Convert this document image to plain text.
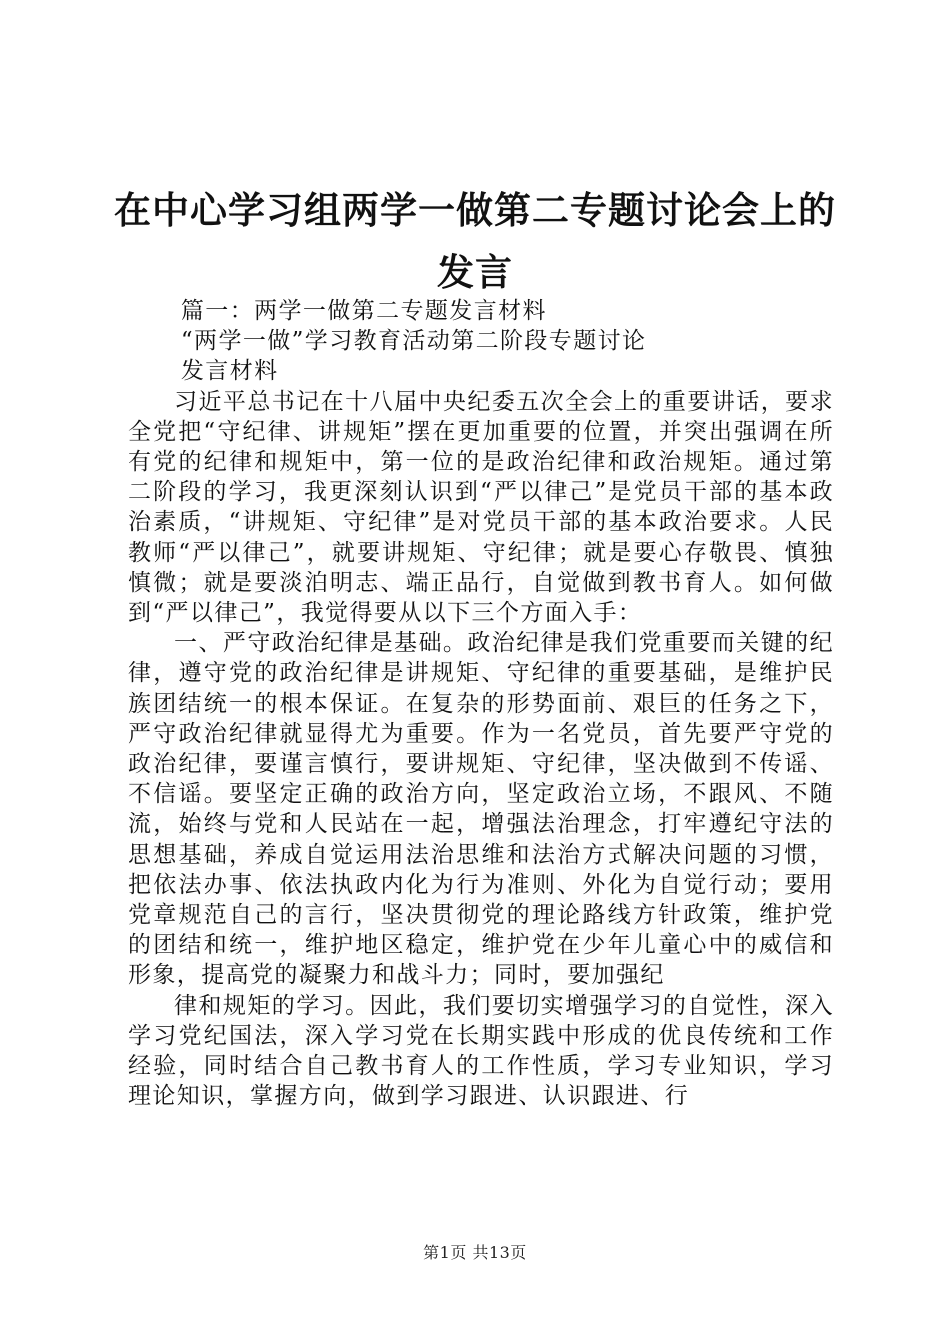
在中心学习组两学一做第二专题讨论会上的发言

篇一：两学一做第二专题发言材料

“两学一做”学习教育活动第二阶段专题讨论

发言材料

习近平总书记在十八届中央纪委五次全会上的重要讲话，要求全党把“守纪律、讲规矩”摆在更加重要的位置，并突出强调在所有党的纪律和规矩中，第一位的是政治纪律和政治规矩。通过第二阶段的学习，我更深刻认识到“严以律己”是党员干部的基本政治素质，“讲规矩、守纪律”是对党员干部的基本政治要求。人民教师“严以律己”，就要讲规矩、守纪律；就是要心存敬畏、慎独慎微；就是要淡泊明志、端正品行，自觉做到教书育人。如何做到“严以律己”，我觉得要从以下三个方面入手：

一、严守政治纪律是基础。政治纪律是我们党重要而关键的纪律，遵守党的政治纪律是讲规矩、守纪律的重要基础，是维护民族团结统一的根本保证。在复杂的形势面前、艰巨的任务之下，严守政治纪律就显得尤为重要。作为一名党员，首先要严守党的政治纪律，要谨言慎行，要讲规矩、守纪律，坚决做到不传谣、不信谣。要坚定正确的政治方向，坚定政治立场，不跟风、不随流，始终与党和人民站在一起，增强法治理念，打牢遵纪守法的思想基础，养成自觉运用法治思维和法治方式解决问题的习惯，把依法办事、依法执政内化为行为准则、外化为自觉行动；要用党章规范自己的言行，坚决贯彻党的理论路线方针政策，维护党的团结和统一，维护地区稳定，维护党在少年儿童心中的威信和形象，提高党的凝聚力和战斗力；同时，要加强纪

律和规矩的学习。因此，我们要切实增强学习的自觉性，深入学习党纪国法，深入学习党在长期实践中形成的优良传统和工作经验，同时结合自己教书育人的工作性质，学习专业知识，学习理论知识，掌握方向，做到学习跟进、认识跟进、行

第1页 共13页
